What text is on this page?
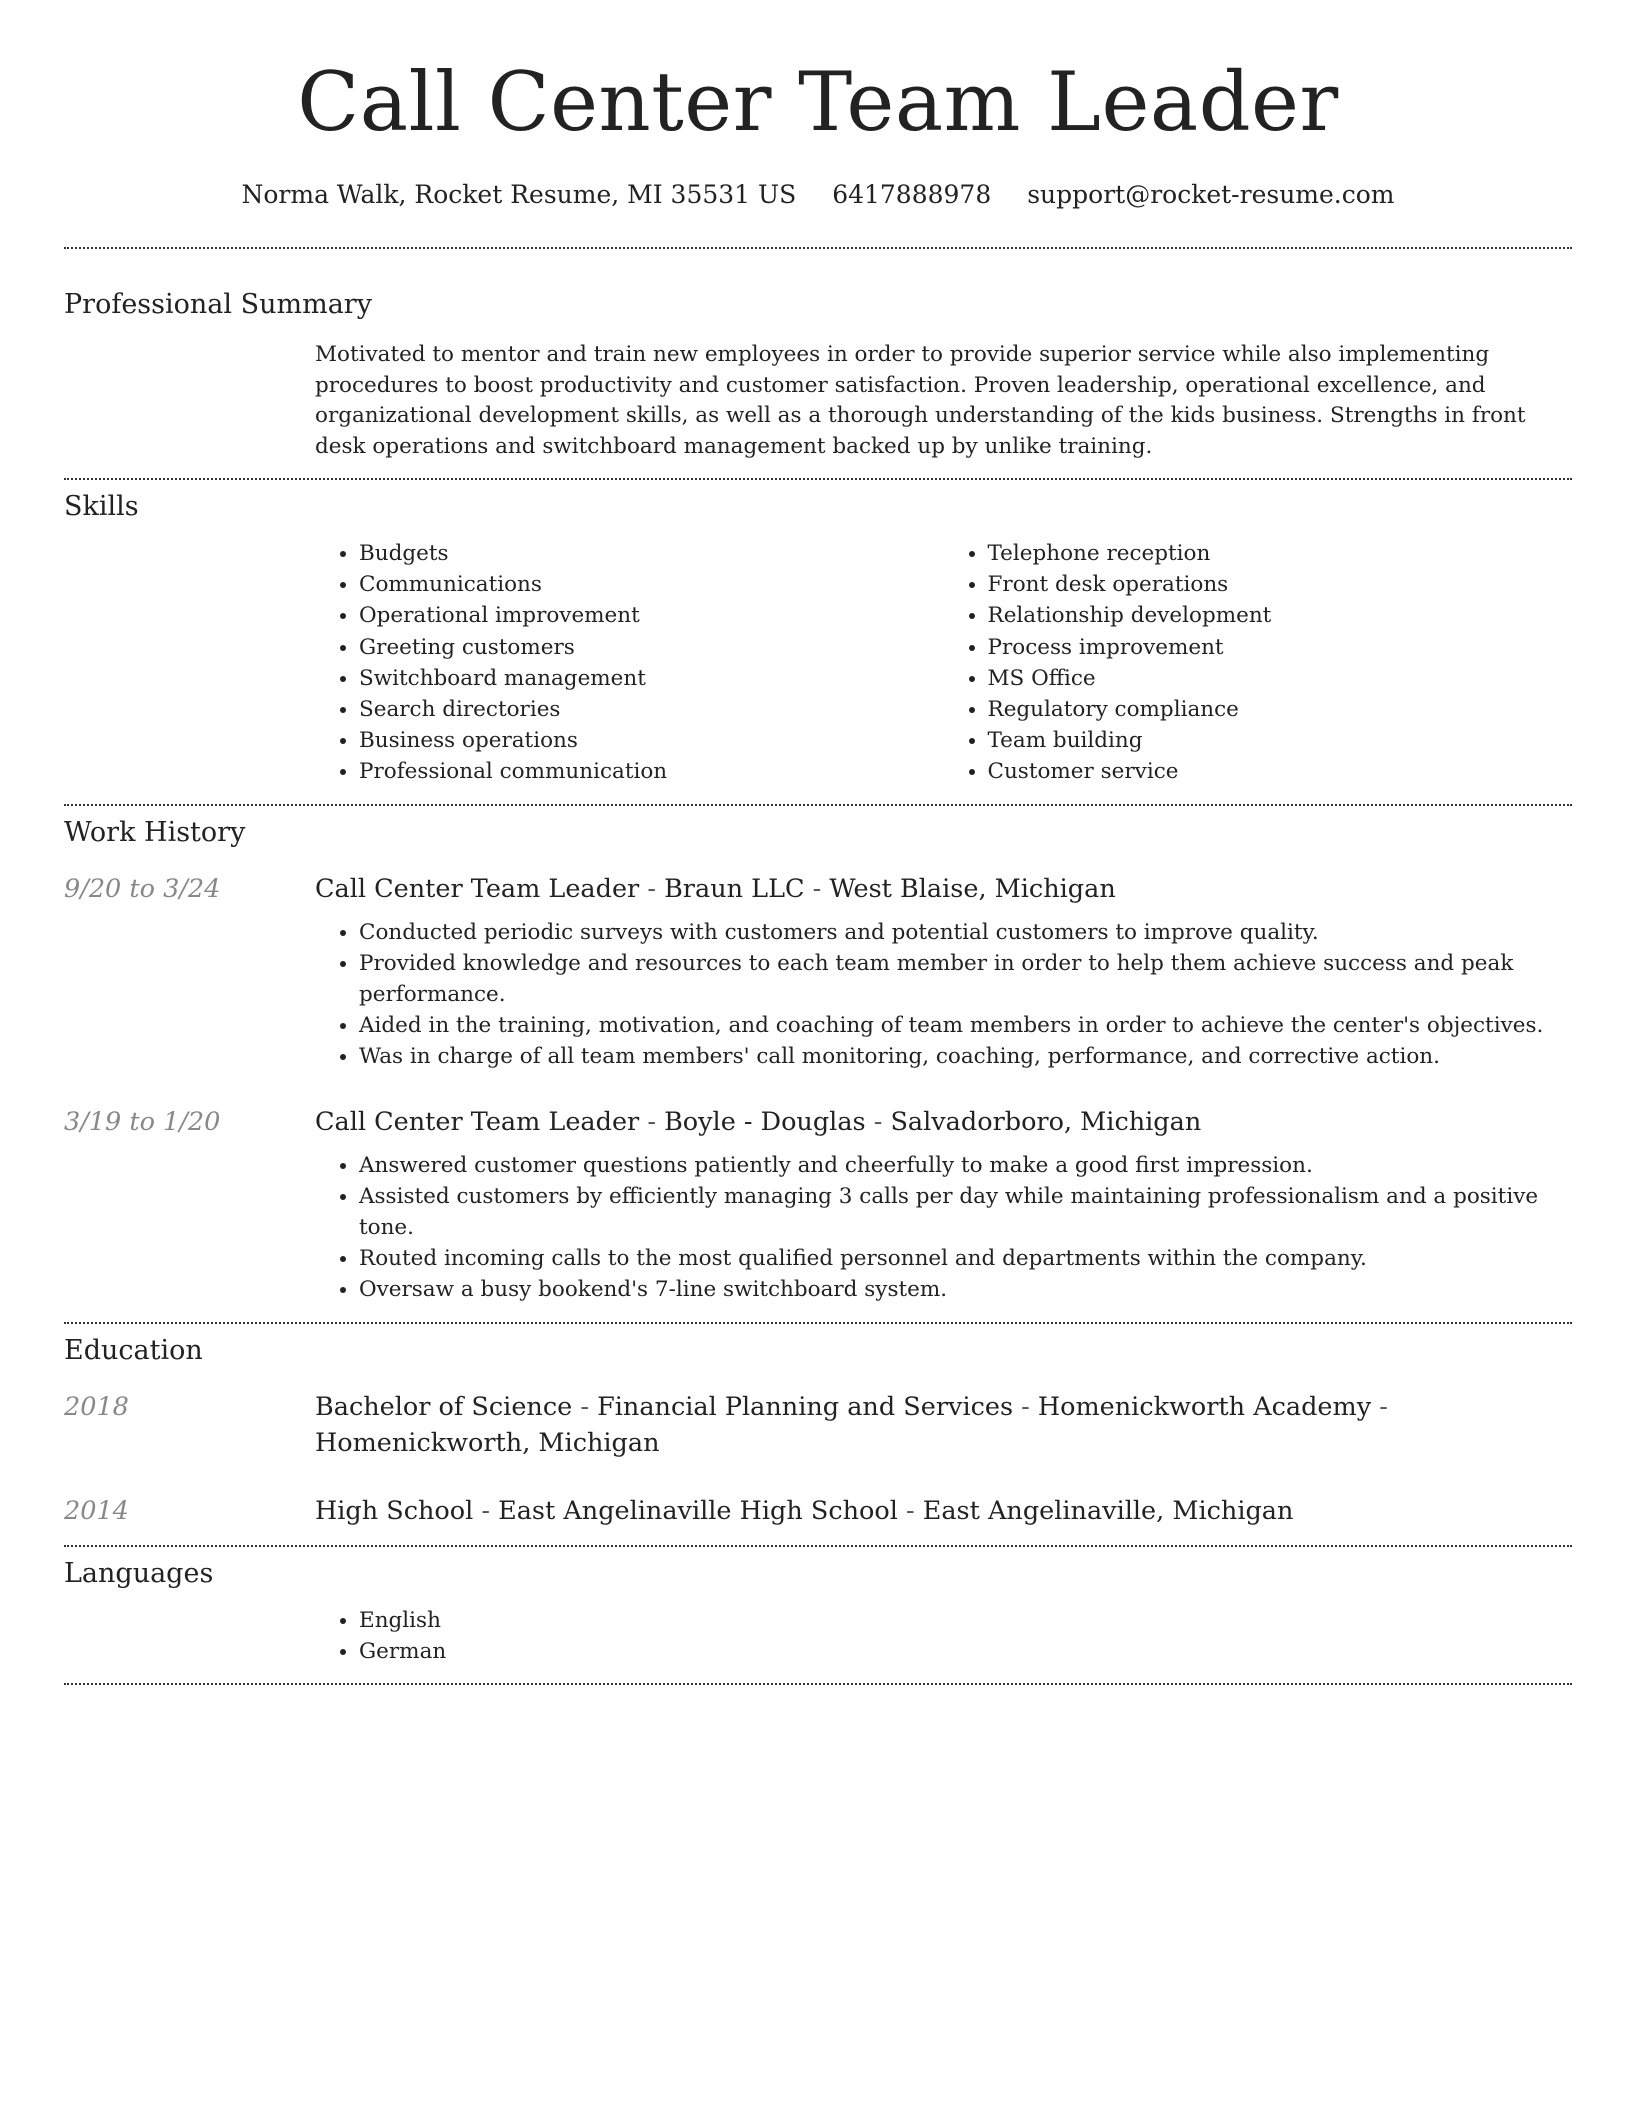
Call Center Team Leader
Norma Walk, Rocket Resume, MI 35531 US 6417888978 support@rocket-resume.com
Professional Summary

Motivated to mentor and train new employees in order to provide superior service while also implementing procedures to boost productivity and customer satisfaction. Proven leadership, operational excellence, and organizational development skills, as well as a thorough understanding of the kids business. Strengths in front desk operations and switchboard management backed up by unlike training.

Skills
• Budgets
• Communications
• Operational improvement
• Greeting customers
• Switchboard management
• Search directories
• Business operations
• Professional communication
• Telephone reception
• Front desk operations
• Relationship development
• Process improvement
• MS Office
• Regulatory compliance
• Team building
• Customer service
Work History
9/20 to 3/24	Call Center Team Leader - Braun LLC - West Blaise, Michigan
• Conducted periodic surveys with customers and potential customers to improve quality.
• Provided knowledge and resources to each team member in order to help them achieve success and peak performance.
• Aided in the training, motivation, and coaching of team members in order to achieve the center's objectives.
• Was in charge of all team members' call monitoring, coaching, performance, and corrective action.
3/19 to 1/20	Call Center Team Leader - Boyle - Douglas - Salvadorboro, Michigan
• Answered customer questions patiently and cheerfully to make a good first impression.
• Assisted customers by efficiently managing 3 calls per day while maintaining professionalism and a positive tone.
• Routed incoming calls to the most qualified personnel and departments within the company.
• Oversaw a busy bookend's 7-line switchboard system.
Education
2018	Bachelor of Science - Financial Planning and Services - Homenickworth Academy - Homenickworth, Michigan
2014	High School - East Angelinaville High School - East Angelinaville, Michigan
Languages
• English
• German
